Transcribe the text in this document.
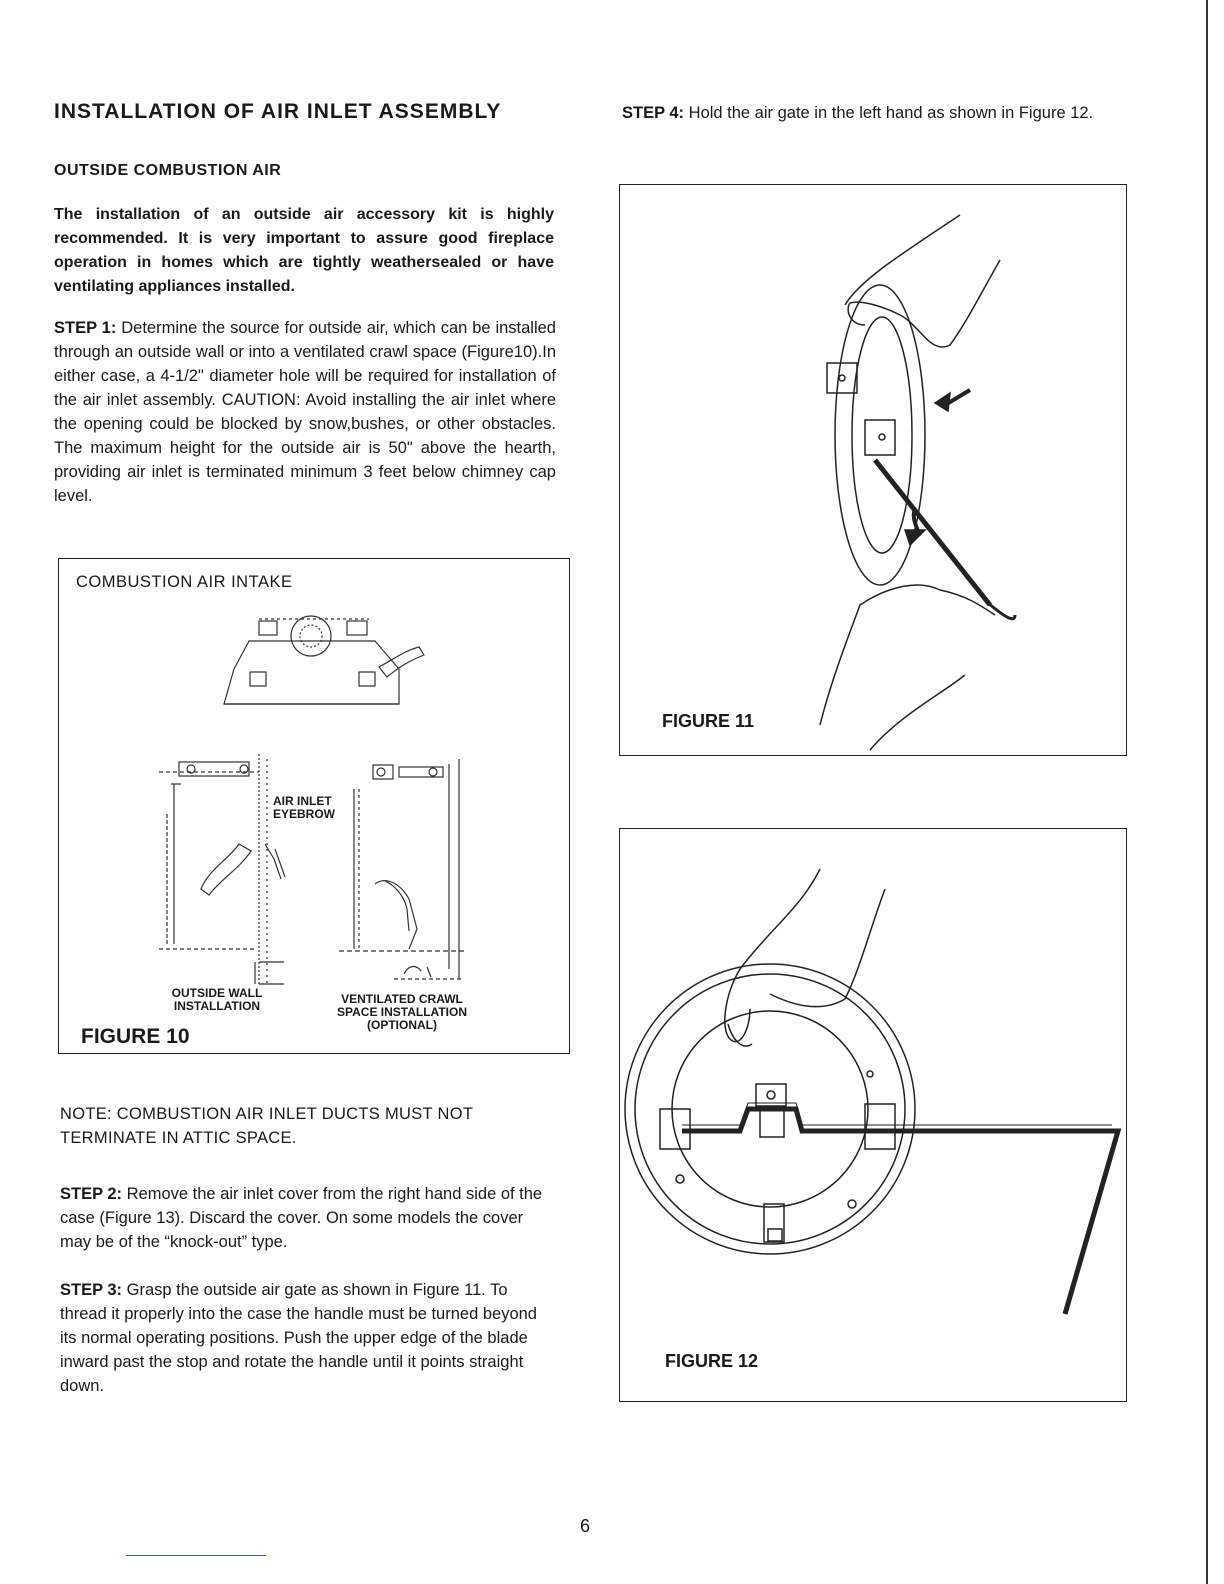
INSTALLATION OF AIR INLET ASSEMBLY
OUTSIDE COMBUSTION AIR
The installation of an outside air accessory kit is highly recommended. It is very important to assure good fireplace operation in homes which are tightly weathersealed or have ventilating appliances installed.
STEP 1: Determine the source for outside air, which can be installed through an outside wall or into a ventilated crawl space (Figure10).In either case, a 4-1/2" diameter hole will be required for installation of the air inlet assembly. CAUTION: Avoid installing the air inlet where the opening could be blocked by snow,bushes, or other obstacles. The maximum height for the outside air is 50" above the hearth, providing air inlet is terminated minimum 3 feet below chimney cap level.
COMBUSTION AIR INTAKE
AIR INLET
EYEBROW
OUTSIDE WALL
INSTALLATION	VENTILATED CRAWL
SPACE INSTALLATION
(OPTIONAL)
FIGURE 10
NOTE: COMBUSTION AIR INLET DUCTS MUST NOT TERMINATE IN ATTIC SPACE.
STEP 2: Remove the air inlet cover from the right hand side of the case (Figure 13). Discard the cover. On some models the cover may be of the “knock-out” type.
STEP 3: Grasp the outside air gate as shown in Figure 11. To thread it properly into the case the handle must be turned beyond its normal operating positions. Push the upper edge of the blade inward past the stop and rotate the handle until it points straight down.
STEP 4: Hold the air gate in the left hand as shown in Figure 12.
FIGURE 11
FIGURE 12
6
